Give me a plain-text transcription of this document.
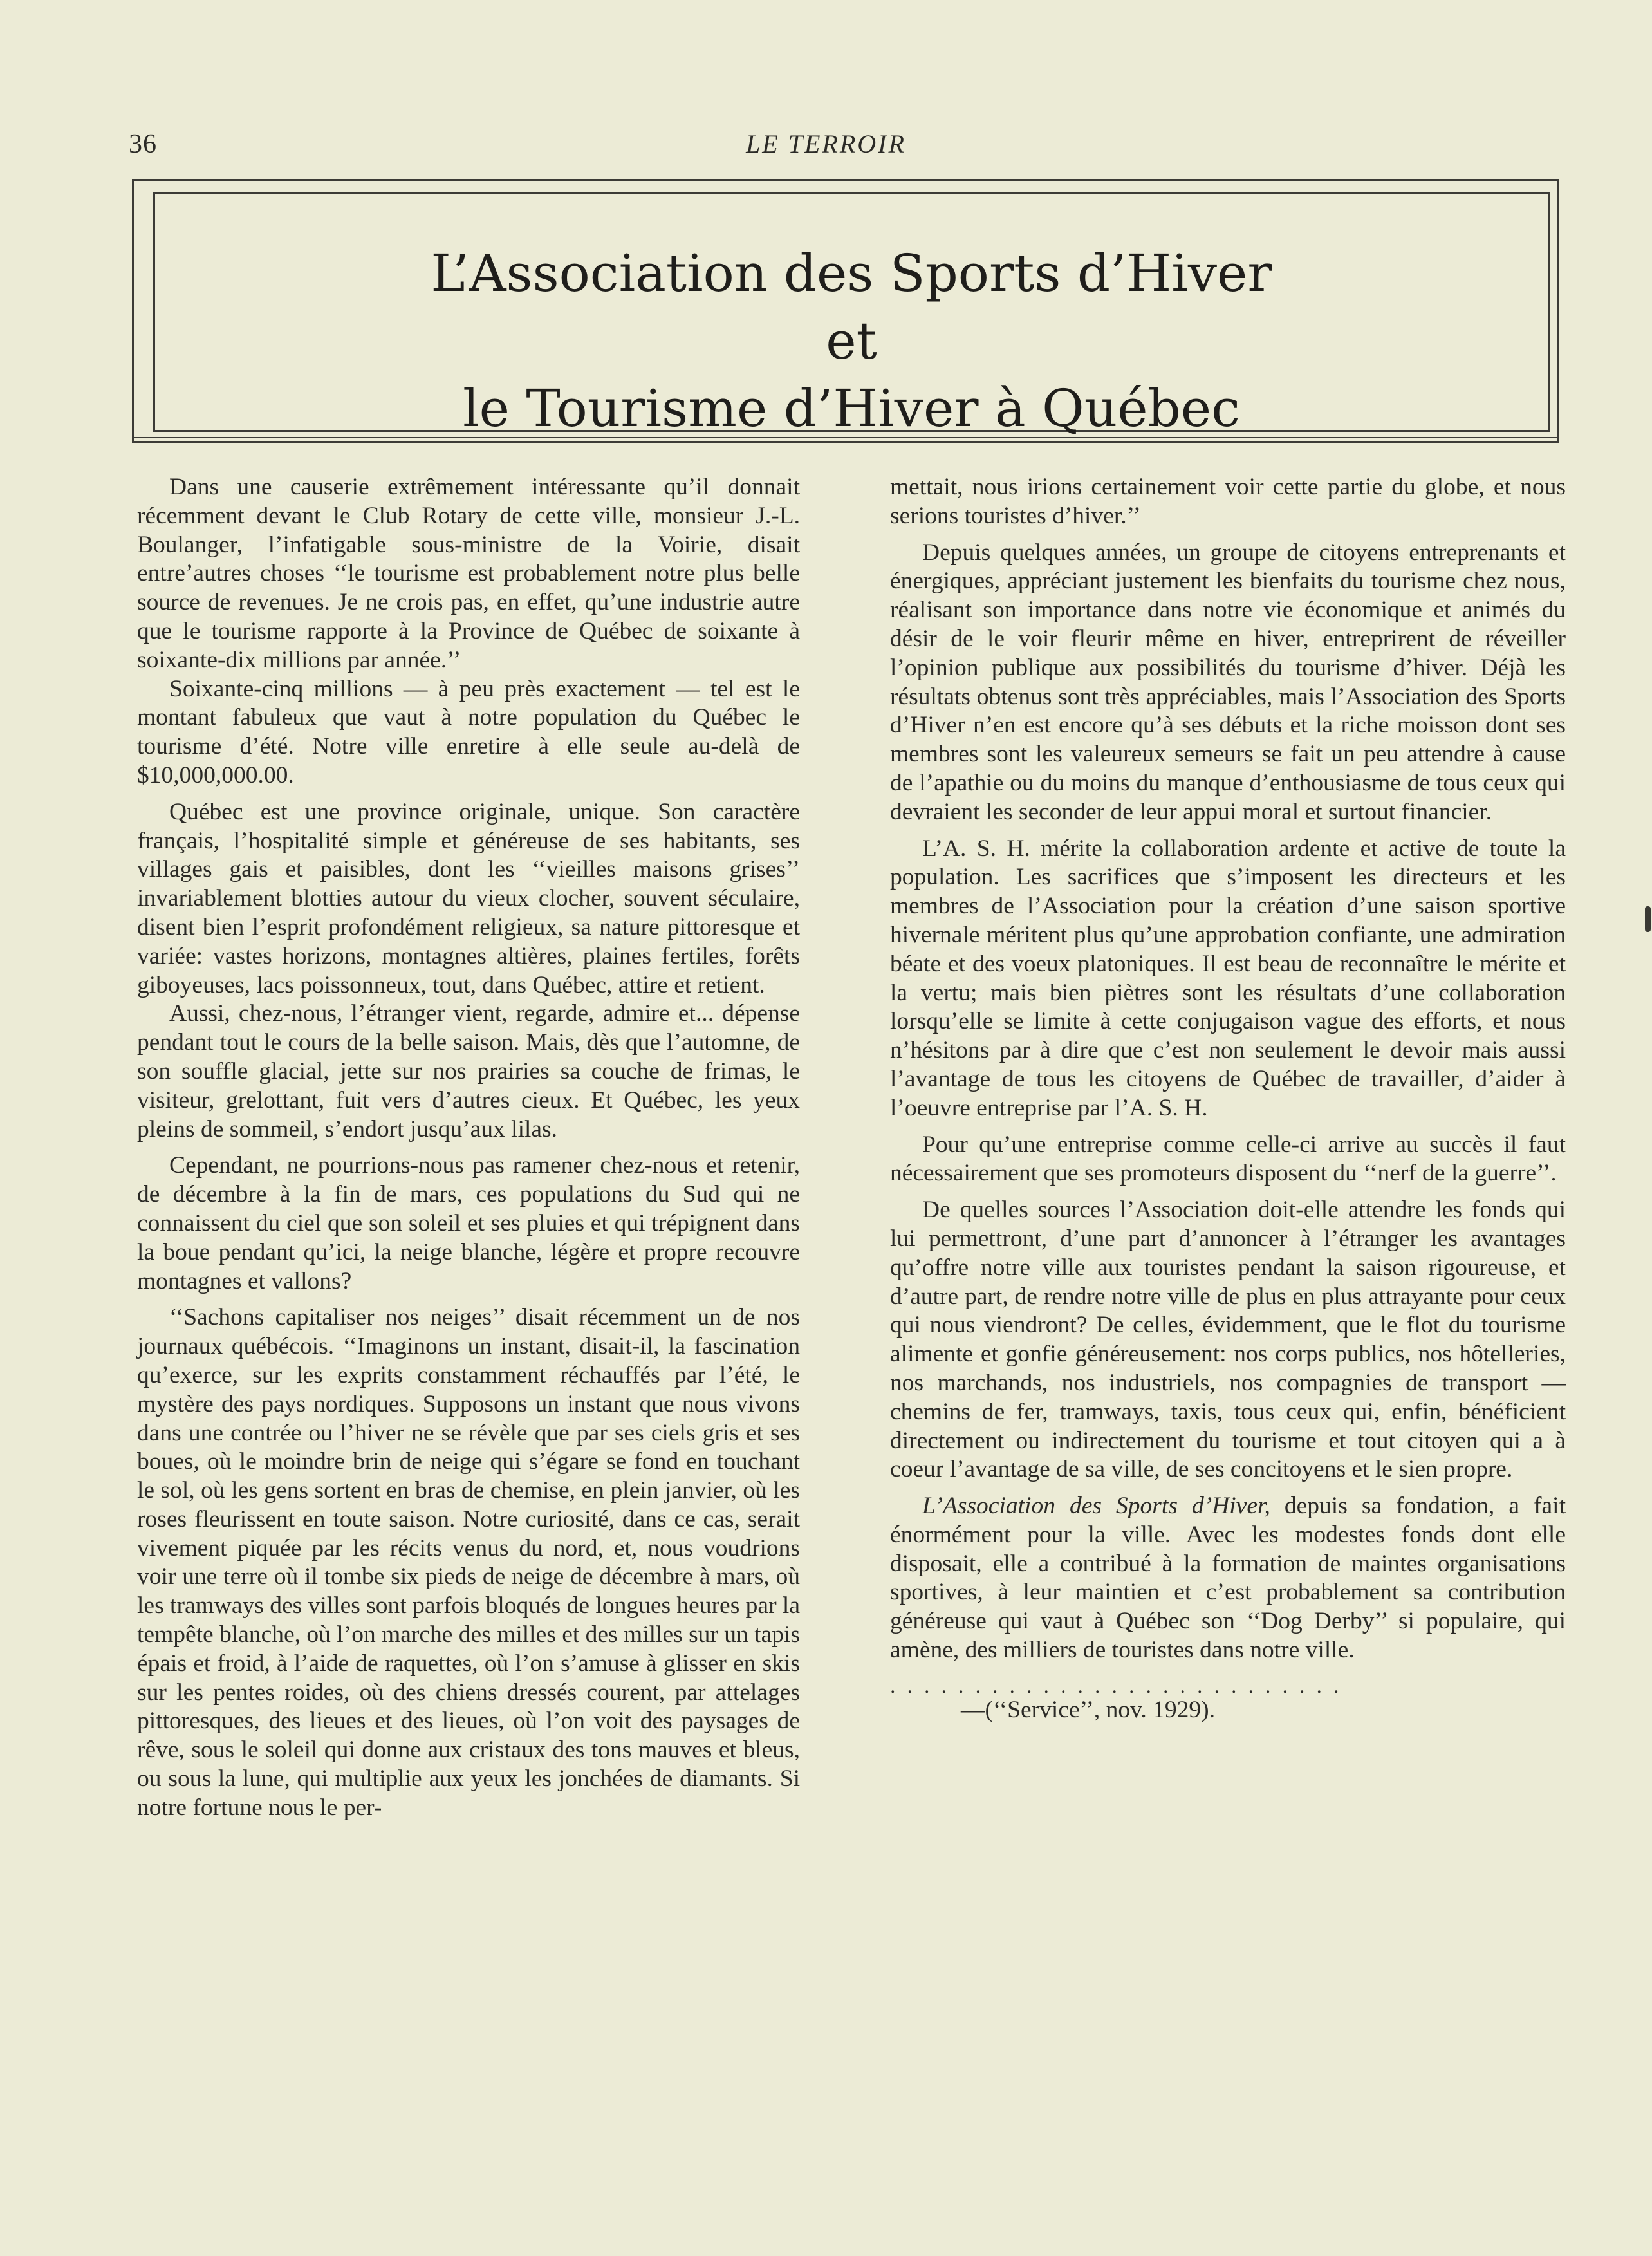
36	LE TERROIR
L’Association des Sports d’Hiver
et
le Tourisme d’Hiver à Québec

Dans une causerie extrêmement intéressante qu’il donnait récemment devant le Club Rotary de cette ville, monsieur J.-L. Boulanger, l’infatigable sous-ministre de la Voirie, disait entre’autres choses ‘‘le tourisme est probablement notre plus belle source de revenues. Je ne crois pas, en effet, qu’une industrie autre que le tourisme rapporte à la Province de Québec de soixante à soixante-dix millions par année.’’

Soixante-cinq millions — à peu près exactement — tel est le montant fabuleux que vaut à notre population du Québec le tourisme d’été. Notre ville enretire à elle seule au-delà de $10,000,000.00.

Québec est une province originale, unique. Son caractère français, l’hospitalité simple et généreuse de ses habitants, ses villages gais et paisibles, dont les ‘‘vieilles maisons grises’’ invariablement blotties autour du vieux clocher, souvent séculaire, disent bien l’esprit profondément religieux, sa nature pittoresque et variée: vastes horizons, montagnes altières, plaines fertiles, forêts giboyeuses, lacs poissonneux, tout, dans Québec, attire et retient.

Aussi, chez-nous, l’étranger vient, regarde, admire et... dépense pendant tout le cours de la belle saison. Mais, dès que l’automne, de son souffle glacial, jette sur nos prairies sa couche de frimas, le visiteur, grelottant, fuit vers d’autres cieux. Et Québec, les yeux pleins de sommeil, s’endort jusqu’aux lilas.

Cependant, ne pourrions-nous pas ramener chez-nous et retenir, de décembre à la fin de mars, ces populations du Sud qui ne connaissent du ciel que son soleil et ses pluies et qui trépignent dans la boue pendant qu’ici, la neige blanche, légère et propre recouvre montagnes et vallons?

‘‘Sachons capitaliser nos neiges’’ disait récemment un de nos journaux québécois. ‘‘Imaginons un instant, disait-il, la fascination qu’exerce, sur les exprits constamment réchauffés par l’été, le mystère des pays nordiques. Supposons un instant que nous vivons dans une contrée ou l’hiver ne se révèle que par ses ciels gris et ses boues, où le moindre brin de neige qui s’égare se fond en touchant le sol, où les gens sortent en bras de chemise, en plein janvier, où les roses fleurissent en toute saison. Notre curiosité, dans ce cas, serait vivement piquée par les récits venus du nord, et, nous voudrions voir une terre où il tombe six pieds de neige de décembre à mars, où les tramways des villes sont parfois bloqués de longues heures par la tempête blanche, où l’on marche des milles et des milles sur un tapis épais et froid, à l’aide de raquettes, où l’on s’amuse à glisser en skis sur les pentes roides, où des chiens dressés courent, par attelages pittoresques, des lieues et des lieues, où l’on voit des paysages de rêve, sous le soleil qui donne aux cristaux des tons mauves et bleus, ou sous la lune, qui multiplie aux yeux les jonchées de diamants. Si notre fortune nous le per-

mettait, nous irions certainement voir cette partie du globe, et nous serions touristes d’hiver.’’

Depuis quelques années, un groupe de citoyens entreprenants et énergiques, appréciant justement les bienfaits du tourisme chez nous, réalisant son importance dans notre vie économique et animés du désir de le voir fleurir même en hiver, entreprirent de réveiller l’opinion publique aux possibilités du tourisme d’hiver. Déjà les résultats obtenus sont très appréciables, mais l’Association des Sports d’Hiver n’en est encore qu’à ses débuts et la riche moisson dont ses membres sont les valeureux semeurs se fait un peu attendre à cause de l’apathie ou du moins du manque d’enthousiasme de tous ceux qui devraient les seconder de leur appui moral et surtout financier.

L’A. S. H. mérite la collaboration ardente et active de toute la population. Les sacrifices que s’imposent les directeurs et les membres de l’Association pour la création d’une saison sportive hivernale méritent plus qu’une approbation confiante, une admiration béate et des voeux platoniques. Il est beau de reconnaître le mérite et la vertu; mais bien piètres sont les résultats d’une collaboration lorsqu’elle se limite à cette conjugaison vague des efforts, et nous n’hésitons par à dire que c’est non seulement le devoir mais aussi l’avantage de tous les citoyens de Québec de travailler, d’aider à l’oeuvre entreprise par l’A. S. H.

Pour qu’une entreprise comme celle-ci arrive au succès il faut nécessairement que ses promoteurs disposent du ‘‘nerf de la guerre’’.

De quelles sources l’Association doit-elle attendre les fonds qui lui permettront, d’une part d’annoncer à l’étranger les avantages qu’offre notre ville aux touristes pendant la saison rigoureuse, et d’autre part, de rendre notre ville de plus en plus attrayante pour ceux qui nous viendront? De celles, évidemment, que le flot du tourisme alimente et gonfie généreusement: nos corps publics, nos hôtelleries, nos marchands, nos industriels, nos compagnies de transport — chemins de fer, tramways, taxis, tous ceux qui, enfin, bénéficient directement ou indirectement du tourisme et tout citoyen qui a à coeur l’avantage de sa ville, de ses concitoyens et le sien propre.

L’Association des Sports d’Hiver, depuis sa fondation, a fait énormément pour la ville. Avec les modestes fonds dont elle disposait, elle a contribué à la formation de maintes organisations sportives, à leur maintien et c’est probablement sa contribution généreuse qui vaut à Québec son ‘‘Dog Derby’’ si populaire, qui amène, des milliers de touristes dans notre ville.

...........................

—(‘‘Service’’, nov. 1929).
